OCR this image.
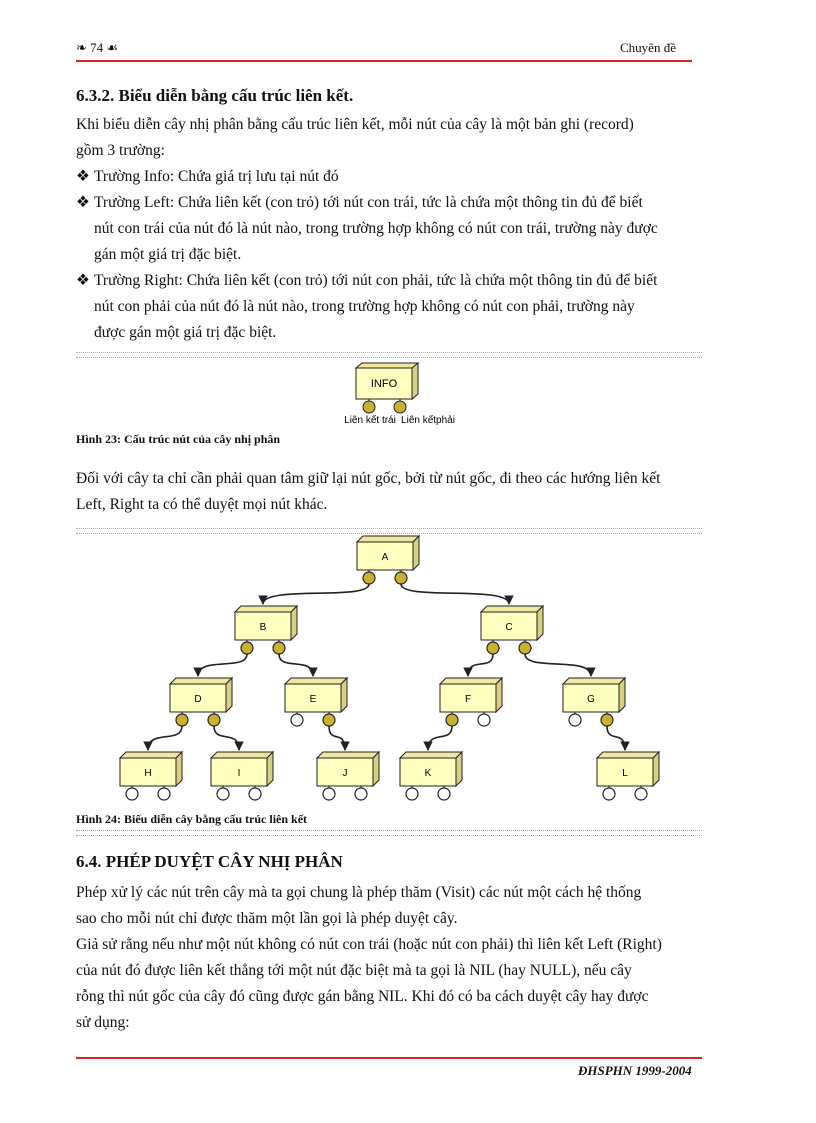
❧ 74 ☙	Chuyên đề
6.3.2. Biểu diễn bằng cấu trúc liên kết.

Khi biểu diễn cây nhị phân bằng cấu trúc liên kết, mỗi nút của cây là một bản ghi (record)

gồm 3 trường:

❖ Trường Info: Chứa giá trị lưu tại nút đó
❖ Trường Left: Chứa liên kết (con trỏ) tới nút con trái, tức là chứa một thông tin đủ để biết
nút con trái của nút đó là nút nào, trong trường hợp không có nút con trái, trường này được
gán một giá trị đặc biệt.
❖ Trường Right: Chứa liên kết (con trỏ) tới nút con phải, tức là chứa một thông tin đủ để biết
nút con phải của nút đó là nút nào, trong trường hợp không có nút con phải, trường này
được gán một giá trị đặc biệt.
INFO
Liên kết trái Liên kếtphải
Hình 23: Cấu trúc nút của cây nhị phân

Đối với cây ta chỉ cần phải quan tâm giữ lại nút gốc, bởi từ nút gốc, đi theo các hướng liên kết

Left, Right ta có thể duyệt mọi nút khác.

A
B	C
D	E	F	G
H	I	J	K	L
Hình 24: Biểu diễn cây bằng cấu trúc liên kết
6.4. PHÉP DUYỆT CÂY NHỊ PHÂN

Phép xử lý các nút trên cây mà ta gọi chung là phép thăm (Visit) các nút một cách hệ thống

sao cho mỗi nút chỉ được thăm một lần gọi là phép duyệt cây.

Giả sử rằng nếu như một nút không có nút con trái (hoặc nút con phải) thì liên kết Left (Right)

của nút đó được liên kết thẳng tới một nút đặc biệt mà ta gọi là NIL (hay NULL), nếu cây

rỗng thì nút gốc của cây đó cũng được gán bằng NIL. Khi đó có ba cách duyệt cây hay được

sử dụng:

ĐHSPHN 1999-2004
